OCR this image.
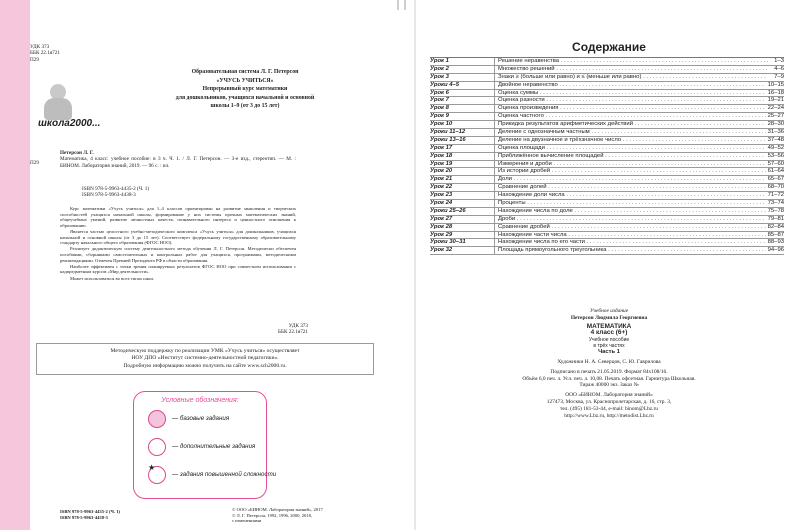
УДК 373
ББК 22.1я721
П29
школа2000...
Образовательная система Л. Г. Петерсон
«УЧУСЬ УЧИТЬСЯ»
Непрерывный курс математики
для дошкольников, учащихся начальной и основной
школы 1–9 (от 3 до 15 лет)
П29
Петерсон Л. Г.
Математика, 4 класс: учебное пособие: в 3 ч. Ч. 1. / Л. Г. Петерсон. — 3-е изд., стереотип. — М. : БИНОМ. Лаборатория знаний, 2019. — 96 с. : ил.
ISBN 978-5-9963-4435-2 (Ч. 1)
ISBN 978-5-9963-4438-3

Курс математики «Учусь учиться» для 1–4 классов ориентирован на развитие мышления и творческих способностей учащихся начальной школы, формирование у них системы прочных математических знаний, общеучебных умений, развитие личностных качеств, познавательного интереса и ценностного отношения к образованию.

Является частью целостного учебно-методического комплекса «Учусь учиться» для дошкольников, учащихся начальной и основной школы (от 3 до 15 лет). Соответствует федеральному государственному образовательному стандарту начального общего образования (ФГОС НОО).

Реализует дидактическую систему деятельностного метода обучения Л. Г. Петерсон. Методически обеспечен пособиями, сборниками самостоятельных и контрольных работ для учащихся, программами, методическими рекомендациями. Отмечен Премией Президента РФ в области образования.

Наиболее эффективен с точки зрения планируемых результатов ФГОС НОО при совместном использовании с надпредметным курсом «Мир деятельности».

Может использоваться во всех типах школ.

УДК 373
ББК 22.1я721
Методическую поддержку по реализации УМК «Учусь учиться» осуществляет
НОУ ДПО «Институт системно-деятельностной педагогики».
Подробную информацию можно получить на сайте www.sch2000.ru.
Условные обозначения:
— базовые задания
— дополнительные задания
★
— задания повышенной сложности
ISBN 978-5-9963-4435-2 (Ч. 1)
ISBN 978-5-9963-4438-3
© ООО «БИНОМ. Лаборатория знаний», 2017
© Л. Г. Петерсон, 1992, 1996, 2000, 2018,
с изменениями
Содержание
Урок 1	Решение неравенства . . .	1–3
Урок 2	Множество решений . . .	4–6
Урок 3	Знаки ≥ (больше или равно) и ≤ (меньше или равно) . . .	7–9
Уроки 4–5	Двойное неравенство . . .	10–15
Урок 6	Оценка суммы . . .	16–18
Урок 7	Оценка разности . . .	19–21
Урок 8	Оценка произведения . . .	22–24
Урок 9	Оценка частного . . .	25–27
Урок 10	Прикидка результатов арифметических действий . . .	28–30
Уроки 11–12	Деление с однозначным частным . . .	31–36
Уроки 13–16	Деление на двузначное и трёхзначное число . . .	37–48
Урок 17	Оценка площади . . .	49–52
Урок 18	Приближённое вычисление площадей . . .	53–56
Урок 19	Измерения и дроби . . .	57–60
Урок 20	Из истории дробей . . .	61–64
Урок 21	Доли . . .	65–67
Урок 22	Сравнение долей . . .	68–70
Урок 23	Нахождение доли числа . . .	71–72
Урок 24	Проценты . . .	73–74
Уроки 25–26	Нахождение числа по доле . . .	75–78
Урок 27	Дроби . . .	79–81
Урок 28	Сравнение дробей . . .	82–84
Урок 29	Нахождение части числа . . .	85–87
Уроки 30–31	Нахождение числа по его части . . .	88–93
Урок 32	Площадь прямоугольного треугольника . . .	94–96
Учебное издание
Петерсон Людмила Георгиевна
МАТЕМАТИКА
4 класс (6+)
Учебное пособие
в трёх частях
Часть 1
Художники Н. А. Северцов, С. Ю. Гаврилова
Подписано в печать 21.05.2019. Формат 84х108/16.
Объём 6,0 печ. л. Усл. печ. л. 10,08. Печать офсетная. Гарнитура Школьная.
Тираж 40000 экз. Заказ №
ООО «БИНОМ. Лаборатория знаний»
127473, Москва, ул. Краснопролетарская, д. 16, стр. 3,
тел. (495) 181-53-44, e-mail: binom@Lbz.ru
http://www.Lbz.ru, http://metodist.Lbz.ru
